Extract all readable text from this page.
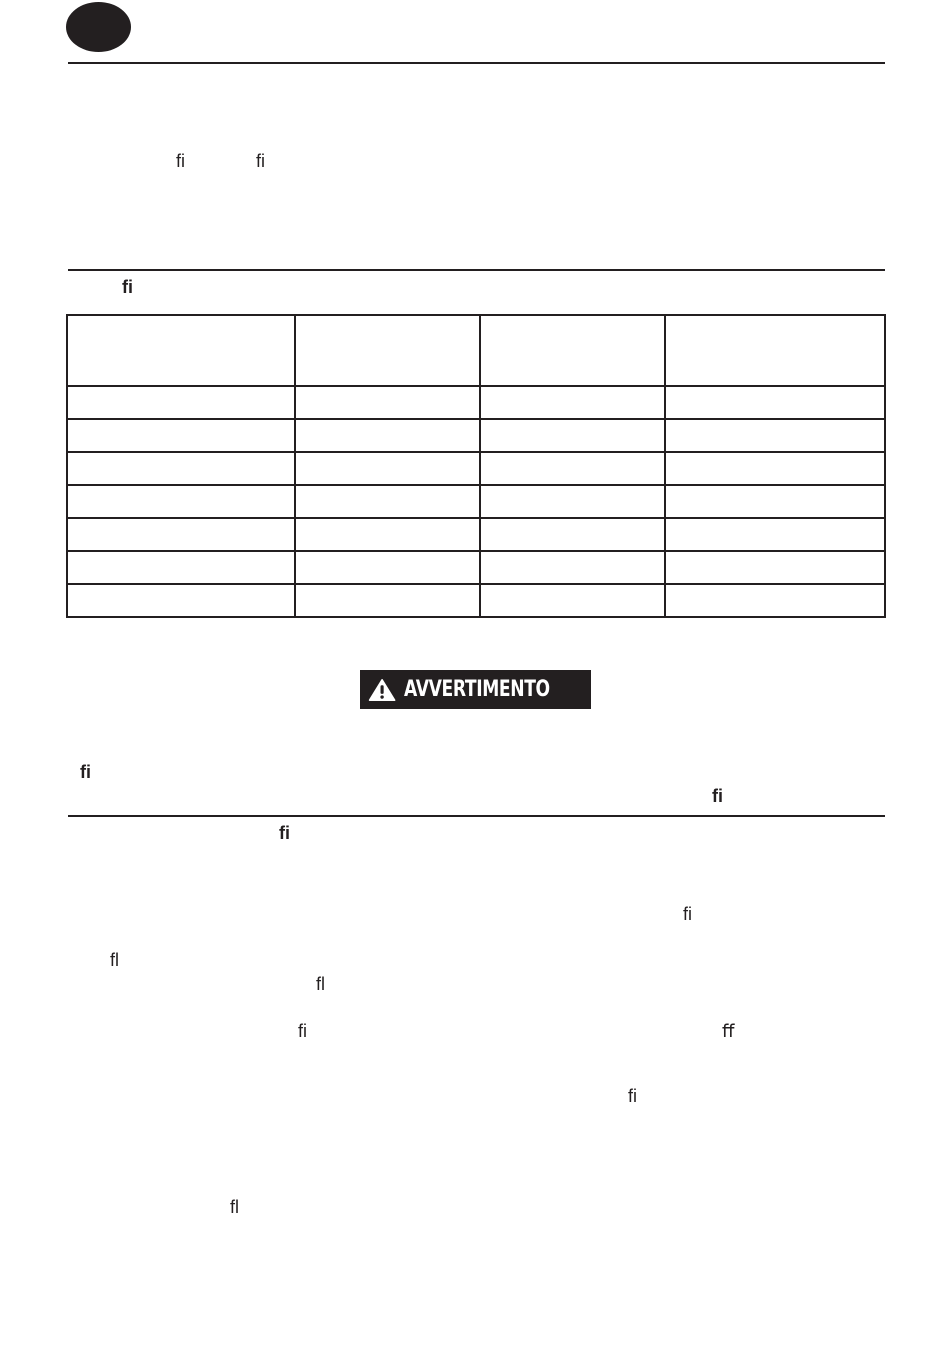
ﬁ	ﬁ
ﬁ

AVVERTIMENTO
ﬁ
ﬁ
ﬁ
ﬁ
ﬂ
ﬂ
ﬁ	ﬀ
ﬁ
ﬂ
